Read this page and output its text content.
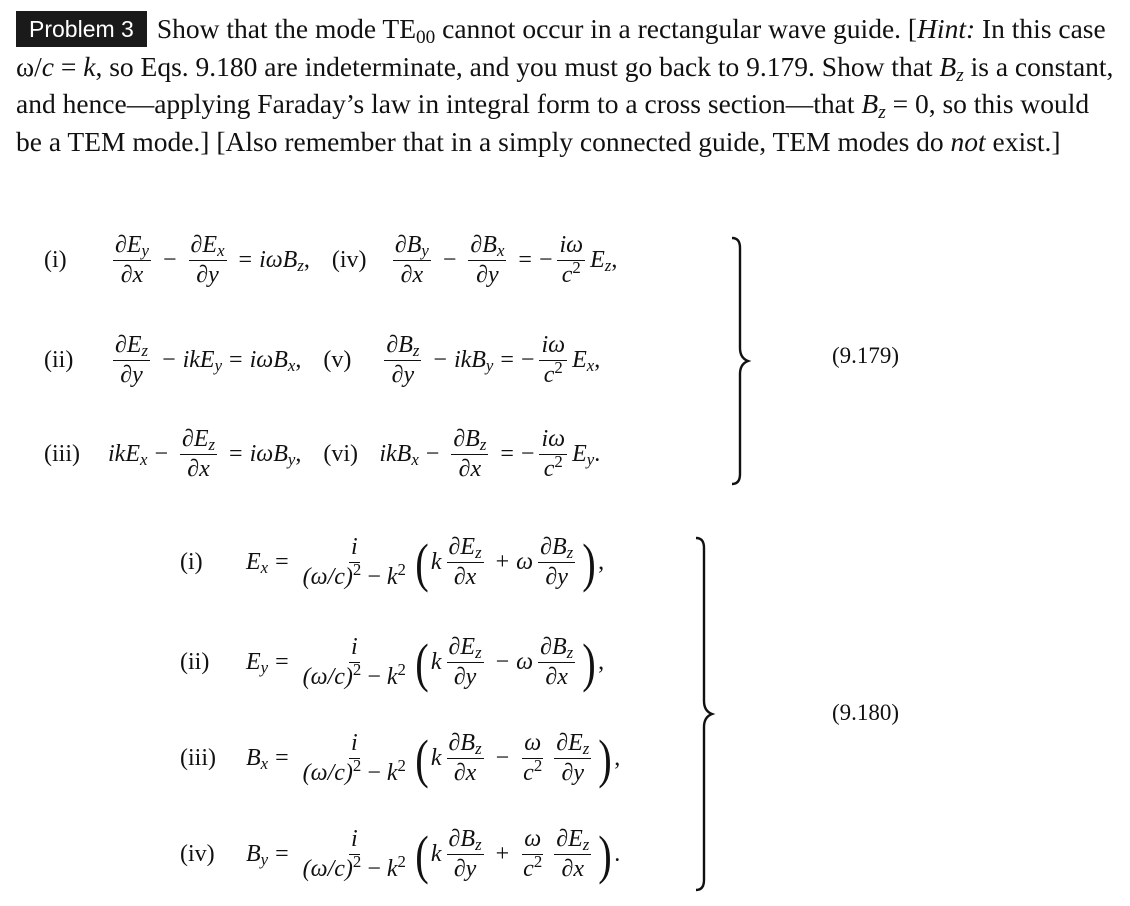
Problem 3 Show that the mode $TE_{00}$ cannot occur in a rectangular wave guide. [Hint: In this case ω/c = k, so Eqs. 9.180 are indeterminate, and you must go back to 9.179. Show that $B_z$ is a constant, and hence—applying Faraday’s law in integral form to a cross section—that $B_z = 0$, so this would be a TEM mode.] [Also remember that in a simply connected guide, TEM modes do not exist.]
(i)	$\frac{\partial E_y}{\partial x} - \frac{\partial E_x}{\partial y} = i\omega B_z$ , (iv)	$\frac{\partial B_y}{\partial x} - \frac{\partial B_x}{\partial y}$ = − $\frac{i\omega}{c^2} E_z$ ,
(ii)	$\frac{\partial E_z}{\partial y} - ikE_y = i\omega B_x$ , (v)	$\frac{\partial B_z}{\partial y} - ikB_y$ = − $\frac{i\omega}{c^2} E_x$ ,
(iii)	$ikE_x - \frac{\partial E_z}{\partial x} = i\omega B_y$ , (vi) $ikB_x - \frac{\partial B_z}{\partial x}$ = − $\frac{i\omega}{c^2} E_y$ .
(9.179)
(i)	$E_x = \frac{i}{(\omega/c)^2 - k^2}$ ( k $\frac{\partial E_z}{\partial x} + \omega \frac{\partial B_z}{\partial y}$ ) ,
(ii)	$E_y = \frac{i}{(\omega/c)^2 - k^2}$ ( k $\frac{\partial E_z}{\partial y} - \omega \frac{\partial B_z}{\partial x}$ ) ,
(iii)	$B_x = \frac{i}{(\omega/c)^2 - k^2}$ ( k $\frac{\partial B_z}{\partial x} - \frac{\omega}{c^2} \frac{\partial E_z}{\partial y}$ ) ,
(iv)	$B_y = \frac{i}{(\omega/c)^2 - k^2}$ ( k $\frac{\partial B_z}{\partial y} + \frac{\omega}{c^2} \frac{\partial E_z}{\partial x}$ ) .
(9.180)
